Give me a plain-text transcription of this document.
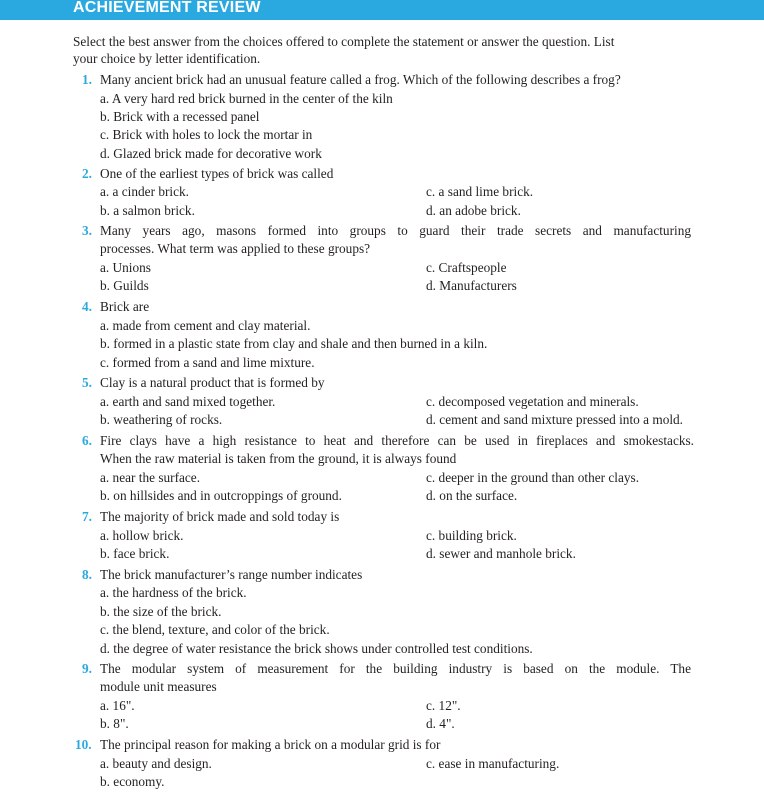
ACHIEVEMENT REVIEW
Select the best answer from the choices offered to complete the statement or answer the question. List
your choice by letter identification.
1. Many ancient brick had an unusual feature called a frog. Which of the following describes a frog?
a. A very hard red brick burned in the center of the kiln
b. Brick with a recessed panel
c. Brick with holes to lock the mortar in
d. Glazed brick made for decorative work
2. One of the earliest types of brick was called
a. a cinder brick.
b. a salmon brick.
c. a sand lime brick.
d. an adobe brick.
3. Many years ago, masons formed into groups to guard their trade secrets and manufacturing
processes. What term was applied to these groups?
a. Unions
b. Guilds
c. Craftspeople
d. Manufacturers
4. Brick are
a. made from cement and clay material.
b. formed in a plastic state from clay and shale and then burned in a kiln.
c. formed from a sand and lime mixture.
5. Clay is a natural product that is formed by
a. earth and sand mixed together.
b. weathering of rocks.
c. decomposed vegetation and minerals.
d. cement and sand mixture pressed into a mold.
6. Fire clays have a high resistance to heat and therefore can be used in fireplaces and smokestacks.
When the raw material is taken from the ground, it is always found
a. near the surface.
b. on hillsides and in outcroppings of ground.
c. deeper in the ground than other clays.
d. on the surface.
7. The majority of brick made and sold today is
a. hollow brick.
b. face brick.
c. building brick.
d. sewer and manhole brick.
8. The brick manufacturer’s range number indicates
a. the hardness of the brick.
b. the size of the brick.
c. the blend, texture, and color of the brick.
d. the degree of water resistance the brick shows under controlled test conditions.
9. The modular system of measurement for the building industry is based on the module. The
module unit measures
a. 16".
b. 8".
c. 12".
d. 4".
10. The principal reason for making a brick on a modular grid is for
a. beauty and design.
b. economy.
c. ease in manufacturing.
